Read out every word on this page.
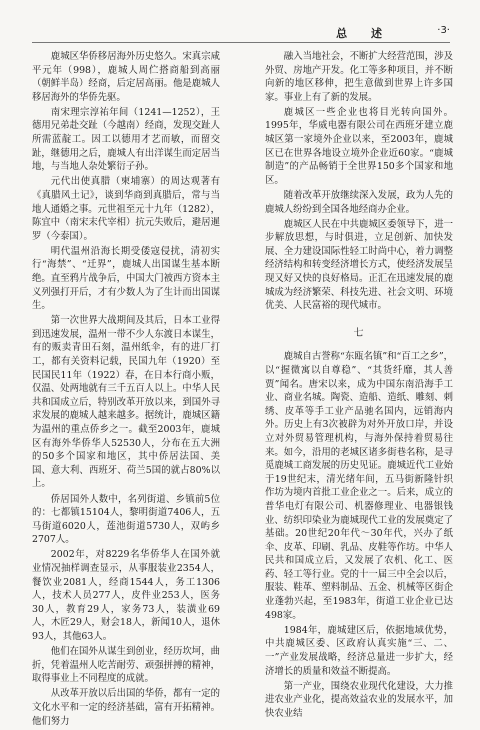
总 述	·3·

鹿城区华侨移居海外历史悠久。宋真宗咸平元年（998），鹿城人周伫搭商船到高丽（朝鲜半岛）经商，后定居高丽。他是鹿城人移居海外的华侨先驱。

南宋理宗淳祐年间（1241—1252），王德用兄弟赴交趾（今越南）经商，发现交趾人所需蓝靛工。因工以德用才艺而敏，而留交趾，继德用之后，鹿城人有出洋谋生而定居当地，与当地人杂处繁衍子孙。

元代出使真腊（柬埔寨）的周达观著有《真腊风土记》，谈到华商到真腊后，常与当地人通婚之事。元世祖至元十九年（1282），陈宜中（南宋末代宰相）抗元失败后，避居暹罗（今泰国）。

明代温州沿海长期受倭寇侵扰，清初实行“海禁”、“迁界”，鹿城人出国谋生基本断绝。直至鸦片战争后，中国大门被西方资本主义列强打开后，才有少数人为了生计而出国谋生。

第一次世界大战期间及其后，日本工业得到迅速发展，温州一带不少人东渡日本谋生，有的贩卖青田石刻，温州纸伞，有的进厂打工，都有关资料记载，民国九年（1920）至民国民11年（1922）春，在日本行商小贩，仅温、处两地就有三千五百人以上。中华人民共和国成立后，特别改革开放以来，到国外寻求发展的鹿城人越来越多。据统计，鹿城区籍为温州的重点侨乡之一。截至2003年，鹿城区有海外华侨华人52530人，分布在五大洲的50多个国家和地区，其中侨居法国、美国、意大利、西班牙、荷兰5国的就占80%以上。

侨居国外人数中，名列街道、乡镇前5位的：七都镇15104人，黎明街道7406人，五马街道6020人，莲池街道5730人，双屿乡2707人。

2002年，对8229名华侨华人在国外就业情况抽样调查显示，从事服装业2354人，餐饮业2081人，经商1544人，务工1306人，技术人员277人，皮件业253人，医务30人，教育29人，家务73人，装潢业69人，木匠29人，财会18人，新闻10人，退休93人，其他63人。

他们在国外从谋生到创业，经历坎坷，曲折，凭着温州人吃苦耐劳、顽强拼搏的精神，取得事业上不同程度的成就。

从改革开放以后出国的华侨，都有一定的文化水平和一定的经济基础，富有开拓精神。他们努力

融入当地社会，不断扩大经营范围，涉及外贸、房地产开发。化工等多种项目，并不断向新的地区移伸，把生意做到世界上许多国家。事业上有了新的发展。

鹿城区一些企业也将目光转向国外。1995年，华威电器有限公司在西班牙建立鹿城区第一家境外企业以来，至2003年，鹿城区已在世界各地设立境外企业近60家。“鹿城制造”的产品畅销于全世界150多个国家和地区。

随着改革开放继续深入发展，政为人先的鹿城人纷纷到全国各地经商办企业。

鹿城区人民在中共鹿城区委领导下，进一步解放思想，与时俱进，立足创新、加快发展、全力建设国际性轻工时尚中心，着力调整经济结构和转变经济增长方式，使经济发展呈现又好又快的良好格局。正汇在迅速发展的鹿城成为经济繁荣、科技先进、社会文明、环境优美、人民富裕的现代城市。

七

鹿城自古誉称“东瓯名镇”和“百工之乡”，以“握微寓以自尊稳”、“其货纤靡，其人善贾”闻名。唐宋以来，成为中国东南沿海手工业、商业名城。陶瓷、造船、造纸、雕刻、刺绣、皮革等手工业产品驰名国内，远销海内外。历史上有3次被辟为对外开放口岸，并设立对外贸易管理机构，与海外保持着贸易往来。如今，沿用的老城区诸多街巷名称，是寻觅鹿城工商发展的历史见证。鹿城近代工业始于19世纪末，清光绪年间，五马街新隆针织作坊为境内首批工业企业之一。后来，成立的普华电灯有限公司、机器修理业、电器银钱业、纺织印染业为鹿城现代工业的发展奠定了基础。20世纪20年代～30年代，兴办了纸伞、皮革、印刷、乳品、皮鞋等作坊。中华人民共和国成立后，又发展了农机、化工、医药、轻工等行业。党的十一届三中全会以后，服装、鞋革、塑料制品、五金、机械等区街企业蓬勃兴起，至1983年，街道工业企业已达498家。

1984年，鹿城建区后，依据地域优势，中共鹿城区委、区政府认真实施“三、二、一”产业发展战略，经济总量进一步扩大，经济增长的质量和效益不断提高。

第一产业，围绕农业现代化建设，大力推进农业产业化，提高效益农业的发展水平，加快农业结
